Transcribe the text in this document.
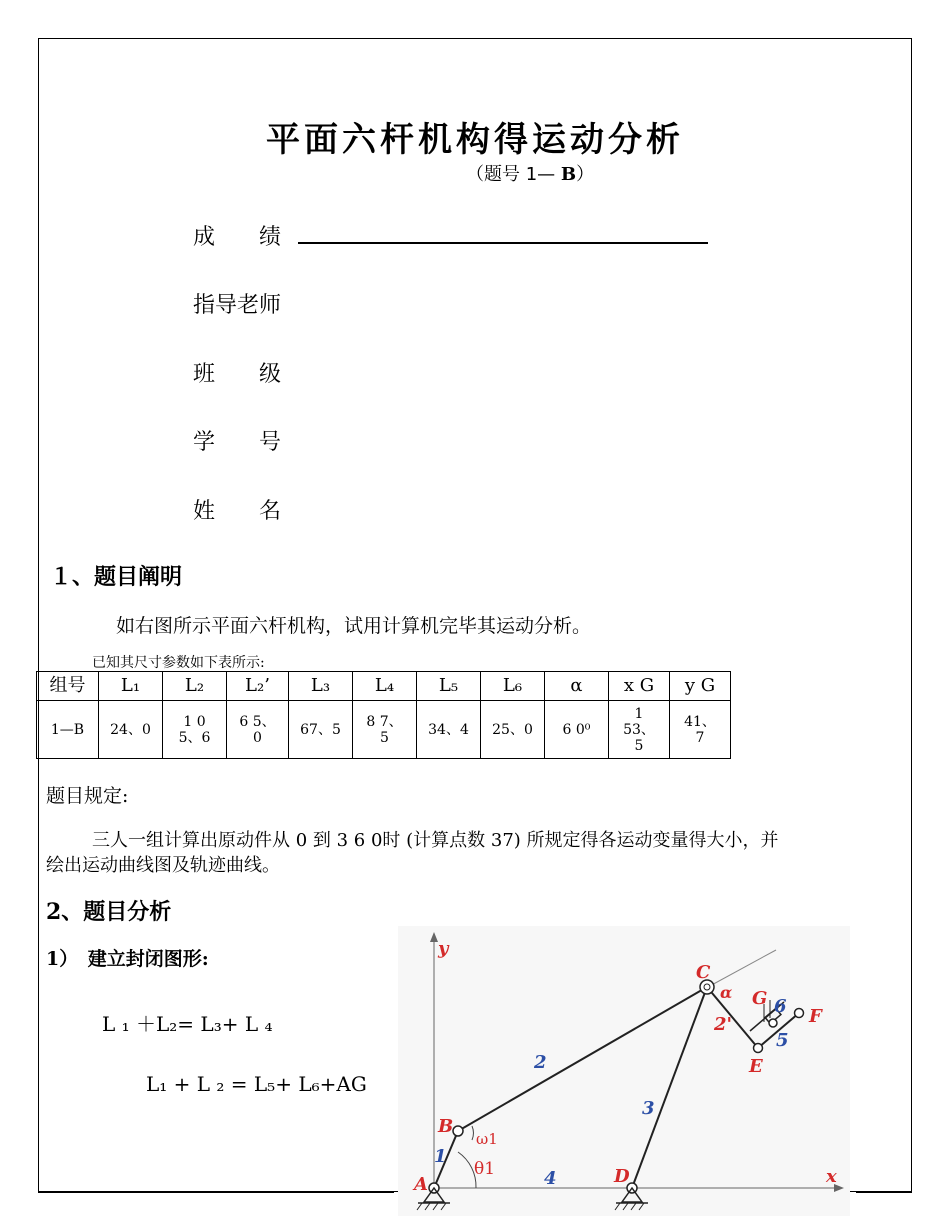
平面六杆机构得运动分析
（题号 1— B）
成　　绩
指导老师
班　　级
学　　号
姓　　名
１、题目阐明
如右图所示平面六杆机构，试用计算机完毕其运动分析。
已知其尺寸参数如下表所示:
组号	L₁	L₂	L₂’	L₃	L₄	L₅	L₆	α	x G	y G
1—B	24、0	1 0 5、6	6 5、0	67、5	8 7、5	34、4	25、0	6 0⁰	1 53、5	41、7
题目规定:
三人一组计算出原动件从 0 到 3 6 0时 (计算点数 37) 所规定得各运动变量得大小，并
绘出运动曲线图及轨迹曲线。
2、题目分析
1）　建立封闭图形:
L ₁ ＋L₂= L₃+ L ₄
L₁ + L ₂ = L₅+ L₆+AG
y
x
A
B
C
D
E
F
G
1
2
2'
3
4
5
6
α
ω1
θ1
